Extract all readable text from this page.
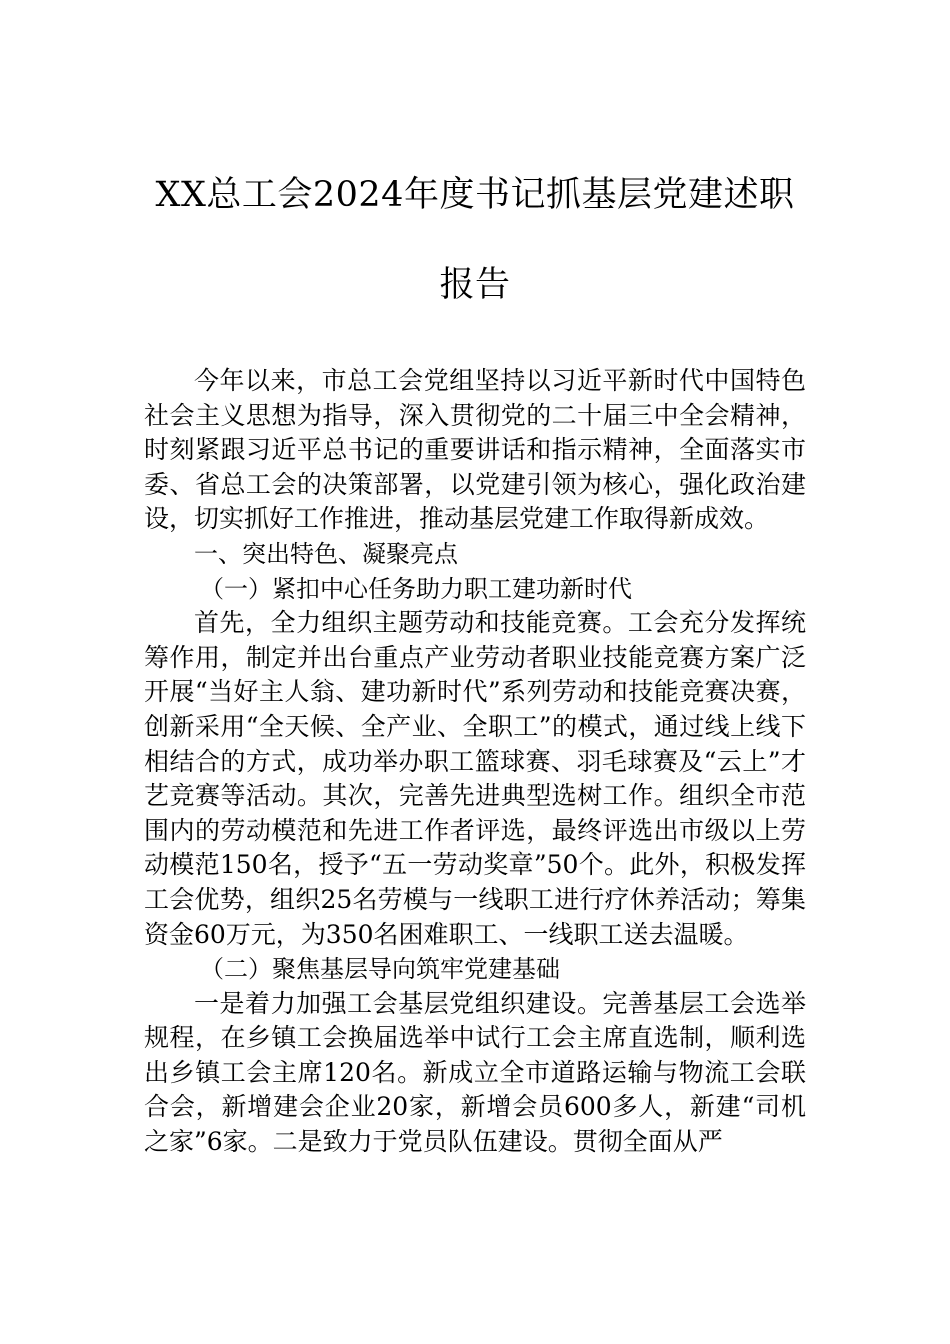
XX总工会2024年度书记抓基层党建述职
报告

今年以来，市总工会党组坚持以习近平新时代中国特色社会主义思想为指导，深入贯彻党的二十届三中全会精神，时刻紧跟习近平总书记的重要讲话和指示精神，全面落实市委、省总工会的决策部署，以党建引领为核心，强化政治建设，切实抓好工作推进，推动基层党建工作取得新成效。

一、突出特色、凝聚亮点

（一）紧扣中心任务助力职工建功新时代

首先，全力组织主题劳动和技能竞赛。工会充分发挥统筹作用，制定并出台重点产业劳动者职业技能竞赛方案广泛开展“当好主人翁、建功新时代”系列劳动和技能竞赛决赛，创新采用“全天候、全产业、全职工”的模式，通过线上线下相结合的方式，成功举办职工篮球赛、羽毛球赛及“云上”才艺竞赛等活动。其次，完善先进典型选树工作。组织全市范围内的劳动模范和先进工作者评选，最终评选出市级以上劳动模范150名，授予“五一劳动奖章”50个。此外，积极发挥工会优势，组织25名劳模与一线职工进行疗休养活动；筹集资金60万元，为350名困难职工、一线职工送去温暖。

（二）聚焦基层导向筑牢党建基础

一是着力加强工会基层党组织建设。完善基层工会选举规程，在乡镇工会换届选举中试行工会主席直选制，顺利选出乡镇工会主席120名。新成立全市道路运输与物流工会联合会，新增建会企业20家，新增会员600多人，新建“司机之家”6家。二是致力于党员队伍建设。贯彻全面从严
